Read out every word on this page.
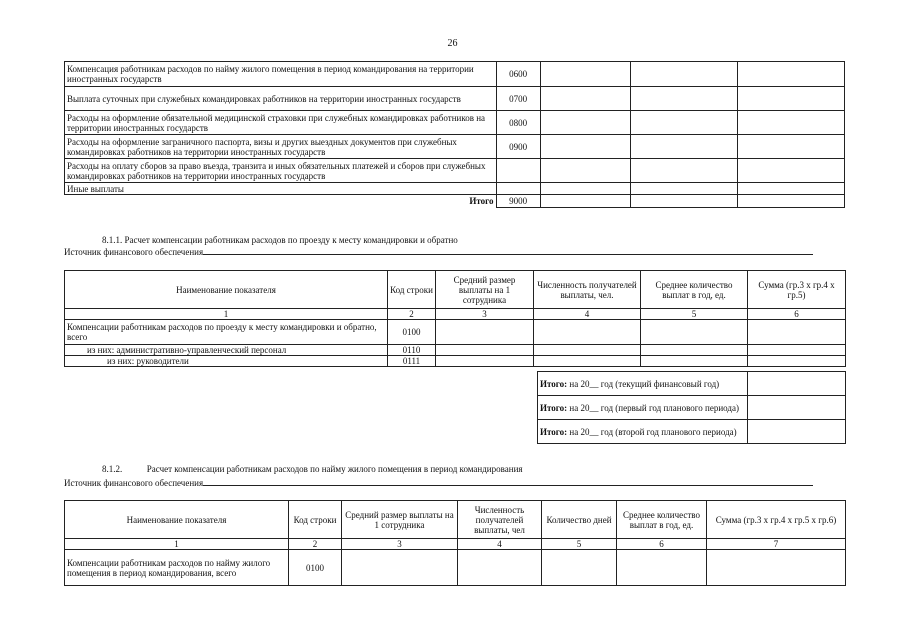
26
Компенсация работникам расходов по найму жилого помещения в период командирования на территории иностранных государств	0600			
Выплата суточных при служебных командировках работников на территории иностранных государств	0700			
Расходы на оформление обязательной медицинской страховки при служебных командировках работников на территории иностранных государств	0800			
Расходы на оформление заграничного паспорта, визы и других выездных документов при служебных командировках работников на территории иностранных государств	0900			
Расходы на оплату сборов за право въезда, транзита и иных обязательных платежей и сборов при служебных командировках работников на территории иностранных государств				
Иные выплаты				
Итого	9000			
8.1.1. Расчет компенсации работникам расходов по проезду к месту командировки и обратно
Источник финансового обеспечения
Наименование показателя	Код строки	Средний размер выплаты на 1 сотрудника	Численность получателей выплаты, чел.	Среднее количество выплат в год, ед.	Сумма (гр.3 х гр.4 х гр.5)
1	2	3	4	5	6
Компенсации работникам расходов по проезду к месту командировки и обратно, всего	0100				
из них: административно-управленческий персонал	0110				
из них: руководители	0111				
Итого: на 20__ год (текущий финансовый год)	
Итого: на 20__ год (первый год планового периода)	
Итого: на 20__ год (второй год планового периода)	
8.1.2.	Расчет компенсации работникам расходов по найму жилого помещения в период командирования
Источник финансового обеспечения
Наименование показателя	Код строки	Средний размер выплаты на 1 сотрудника	Численность получателей выплаты, чел	Количество дней	Среднее количество выплат в год, ед.	Сумма (гр.3 х гр.4 х гр.5 х гр.6)
1	2	3	4	5	6	7
Компенсации работникам расходов по найму жилого помещения в период командирования, всего	0100					
